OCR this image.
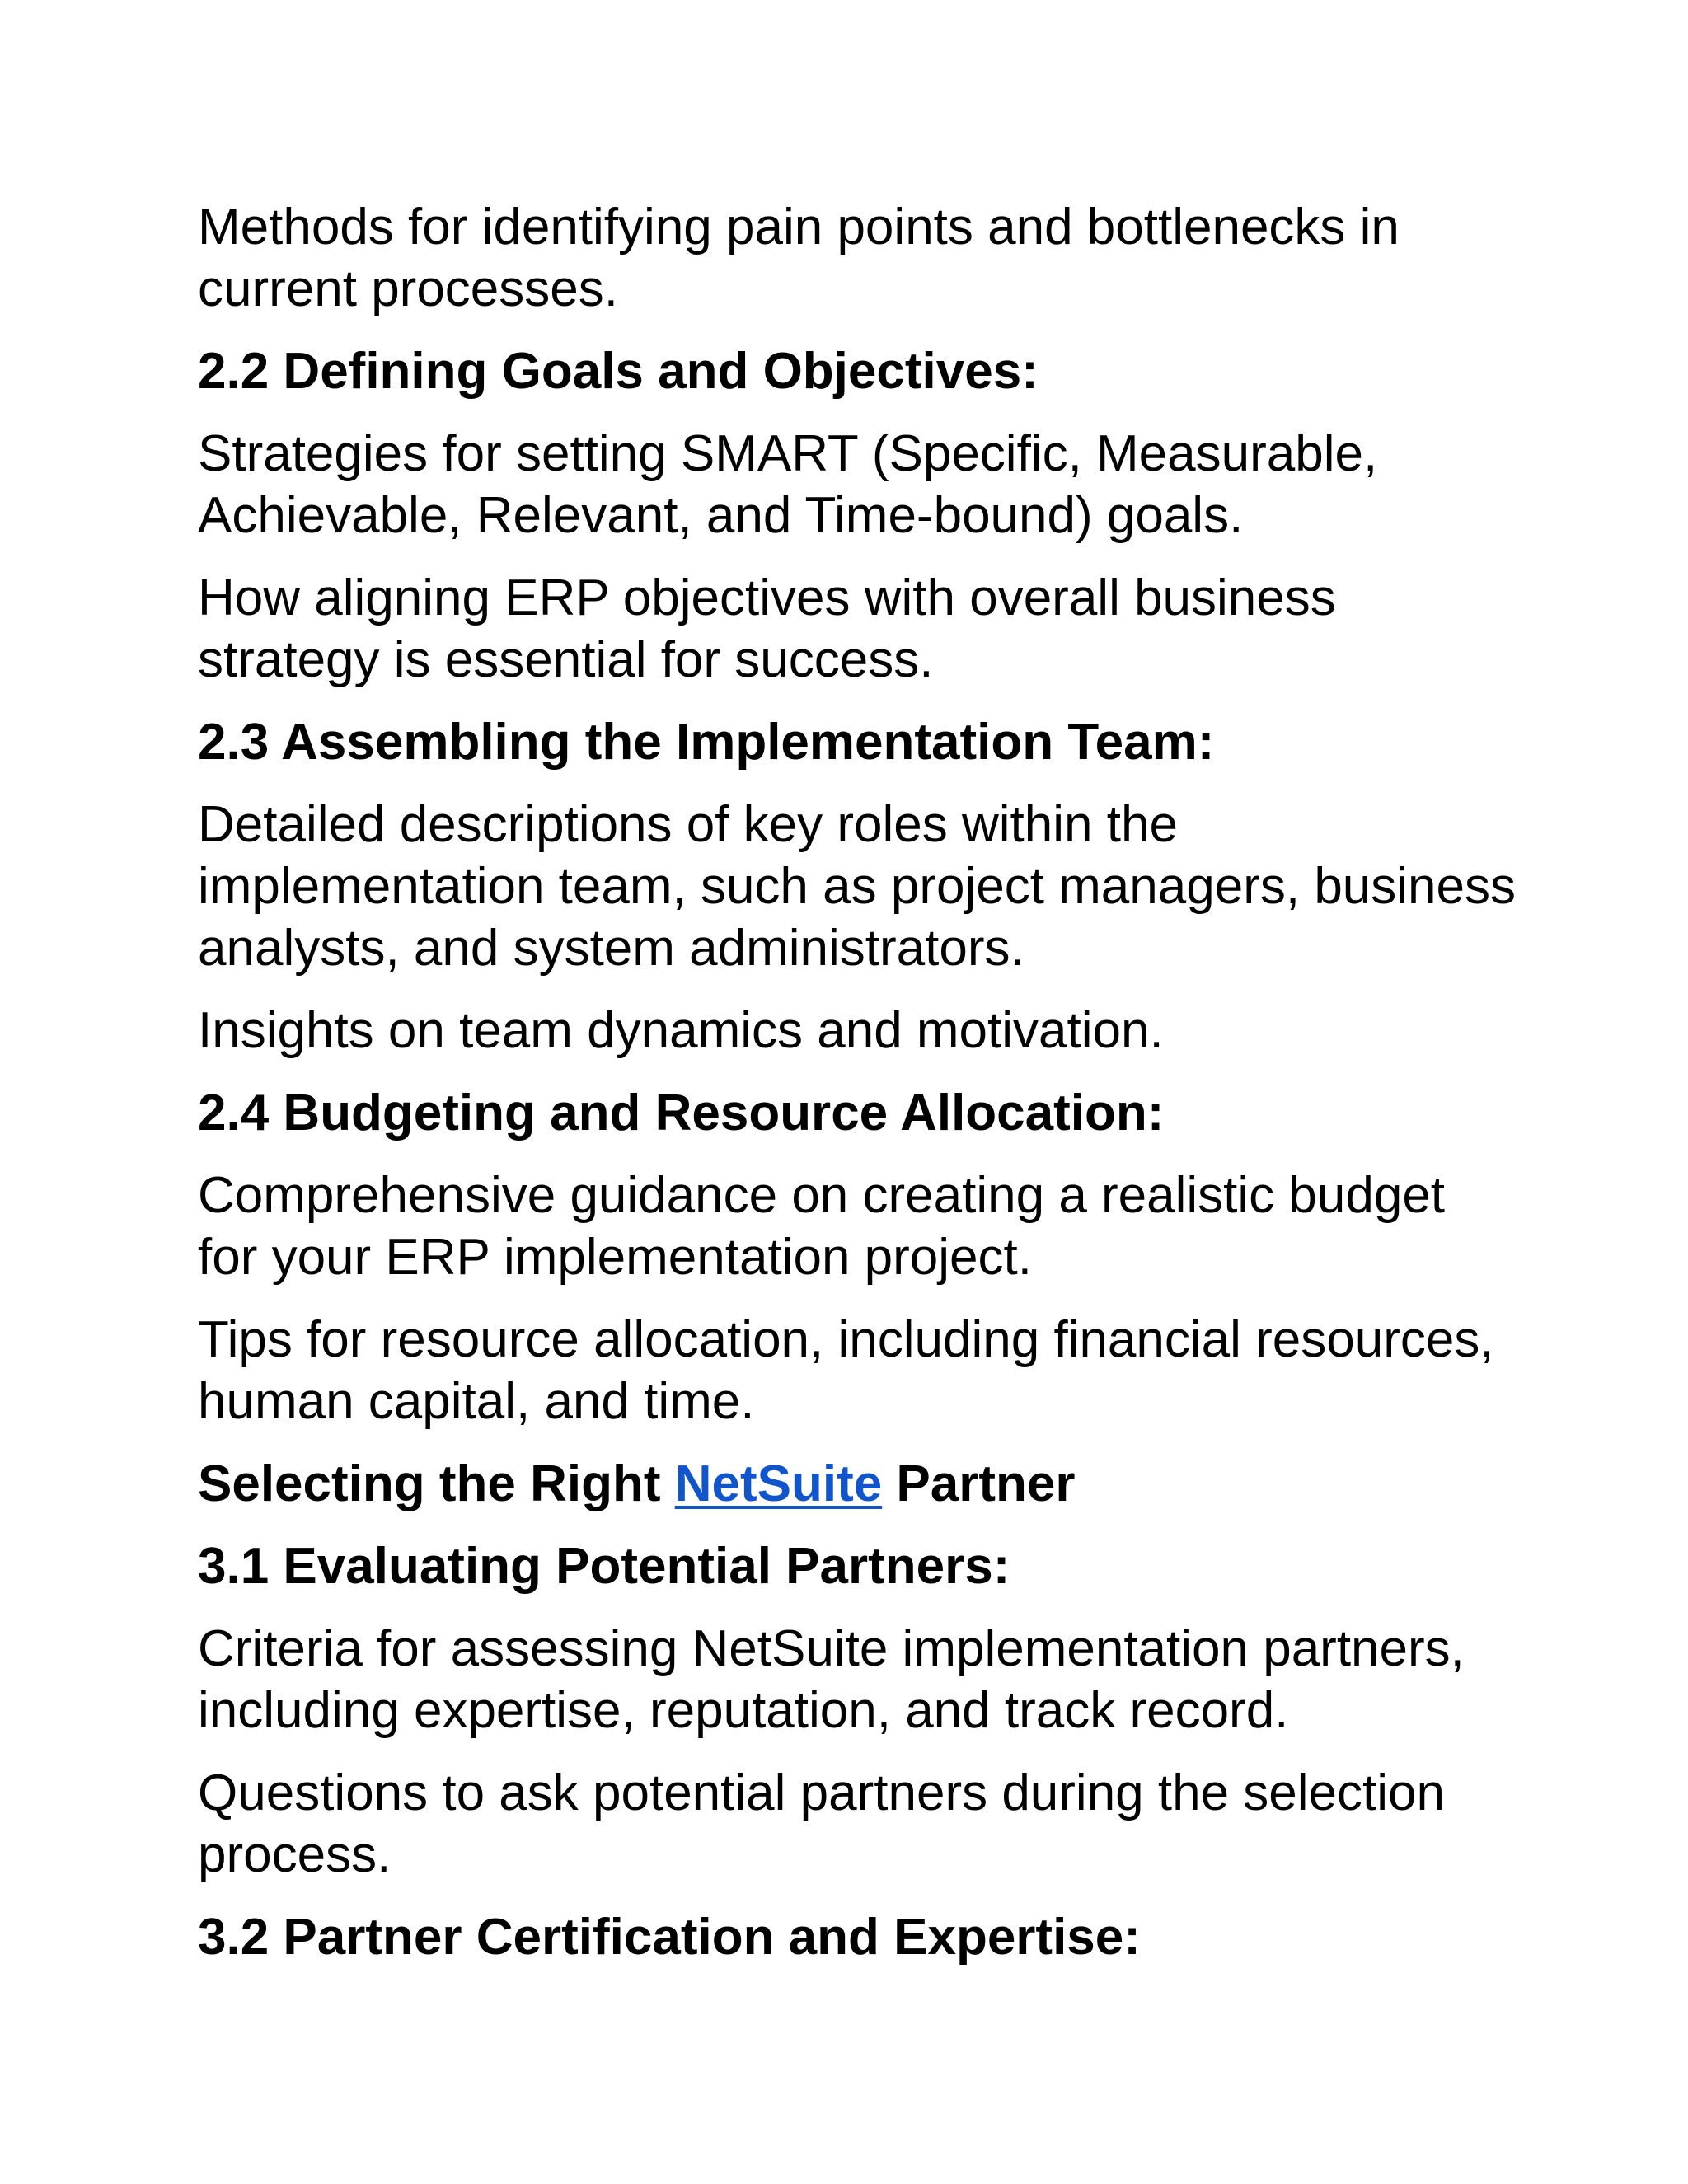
Methods for identifying pain points and bottlenecks in current processes.

2.2 Defining Goals and Objectives:

Strategies for setting SMART (Specific, Measurable, Achievable, Relevant, and Time-bound) goals.

How aligning ERP objectives with overall business strategy is essential for success.

2.3 Assembling the Implementation Team:

Detailed descriptions of key roles within the implementation team, such as project managers, business analysts, and system administrators.

Insights on team dynamics and motivation.

2.4 Budgeting and Resource Allocation:

Comprehensive guidance on creating a realistic budget for your ERP implementation project.

Tips for resource allocation, including financial resources, human capital, and time.

Selecting the Right NetSuite Partner

3.1 Evaluating Potential Partners:

Criteria for assessing NetSuite implementation partners, including expertise, reputation, and track record.

Questions to ask potential partners during the selection process.

3.2 Partner Certification and Expertise:
